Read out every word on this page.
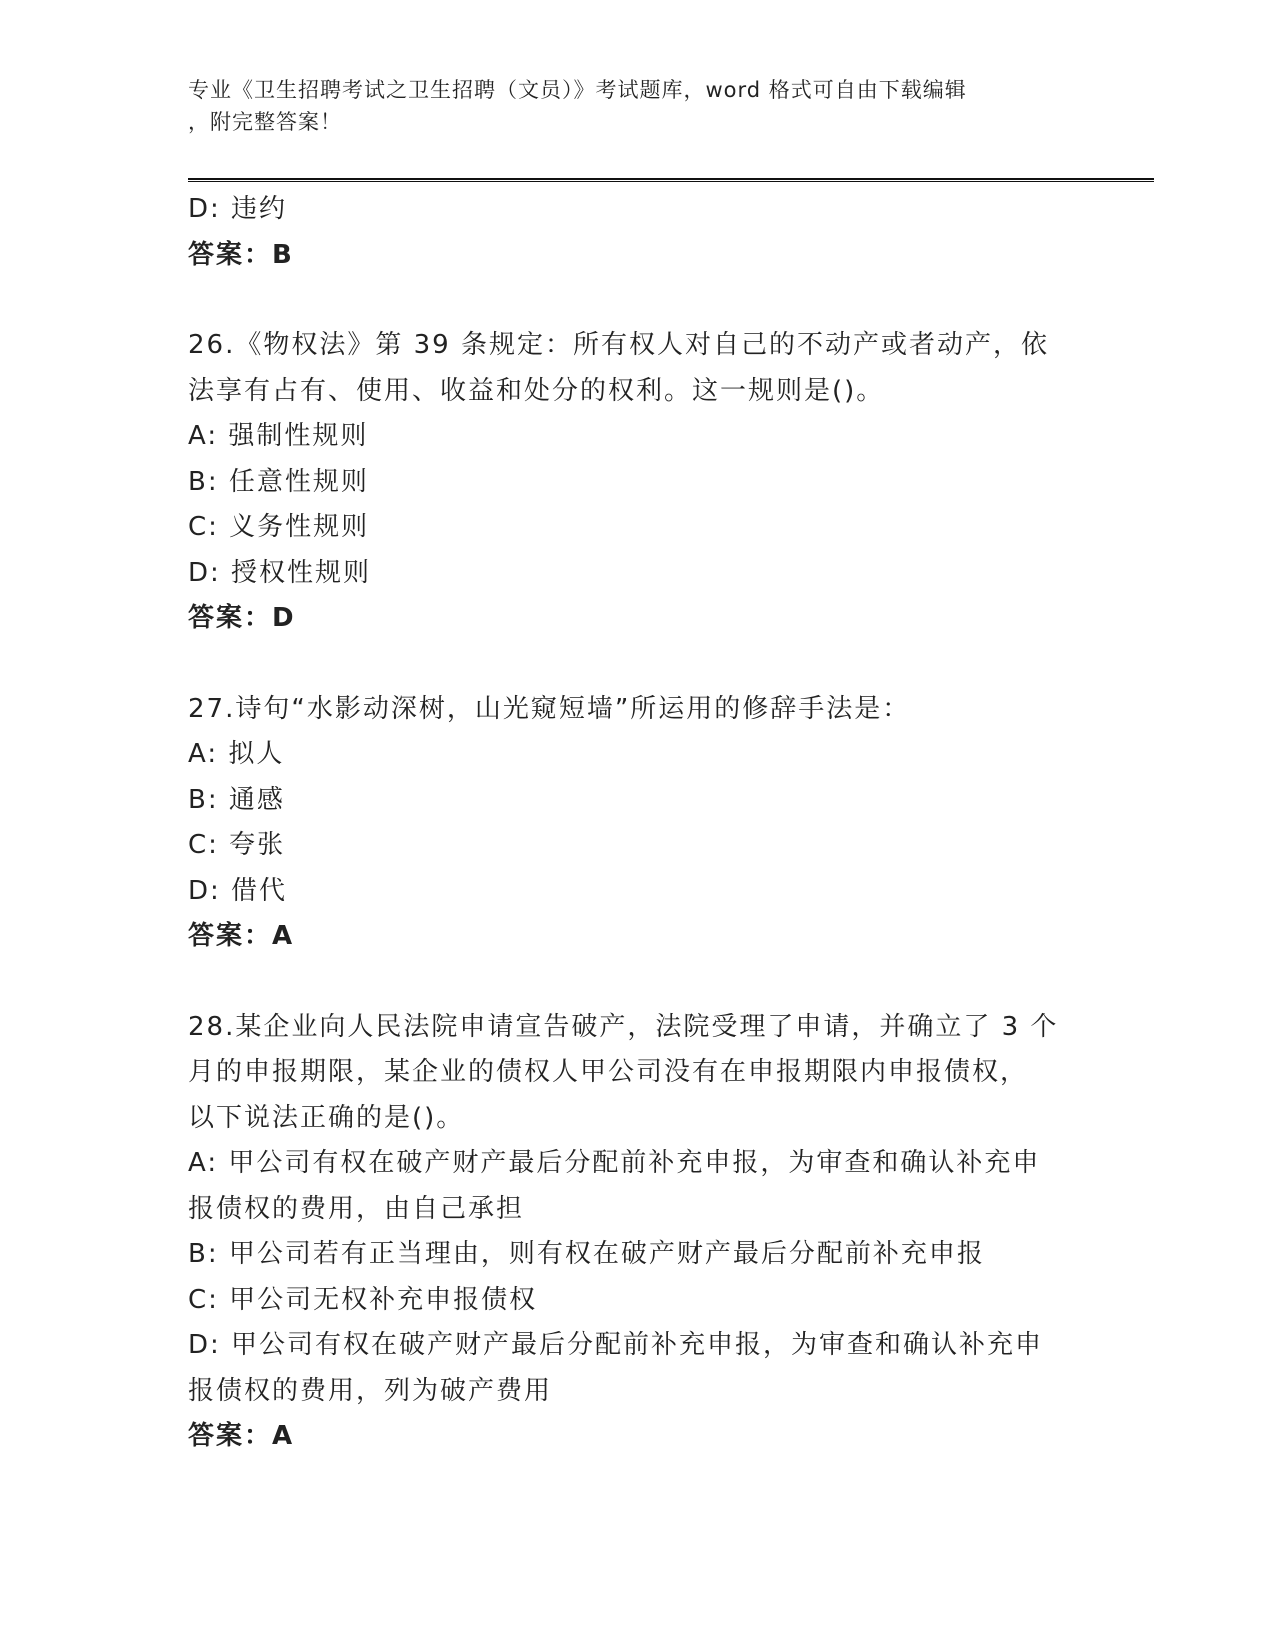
专业《卫生招聘考试之卫生招聘（文员）》考试题库，word 格式可自由下载编辑
，附完整答案！
D: 违约
答案：B
26.《物权法》第 39 条规定：所有权人对自己的不动产或者动产，依
法享有占有、使用、收益和处分的权利。这一规则是()。
A: 强制性规则
B: 任意性规则
C: 义务性规则
D: 授权性规则
答案：D
27.诗句“水影动深树，山光窥短墙”所运用的修辞手法是：
A: 拟人
B: 通感
C: 夸张
D: 借代
答案：A
28.某企业向人民法院申请宣告破产，法院受理了申请，并确立了 3 个
月的申报期限，某企业的债权人甲公司没有在申报期限内申报债权，
以下说法正确的是()。
A: 甲公司有权在破产财产最后分配前补充申报，为审查和确认补充申
报债权的费用，由自己承担
B: 甲公司若有正当理由，则有权在破产财产最后分配前补充申报
C: 甲公司无权补充申报债权
D: 甲公司有权在破产财产最后分配前补充申报，为审查和确认补充申
报债权的费用，列为破产费用
答案：A
